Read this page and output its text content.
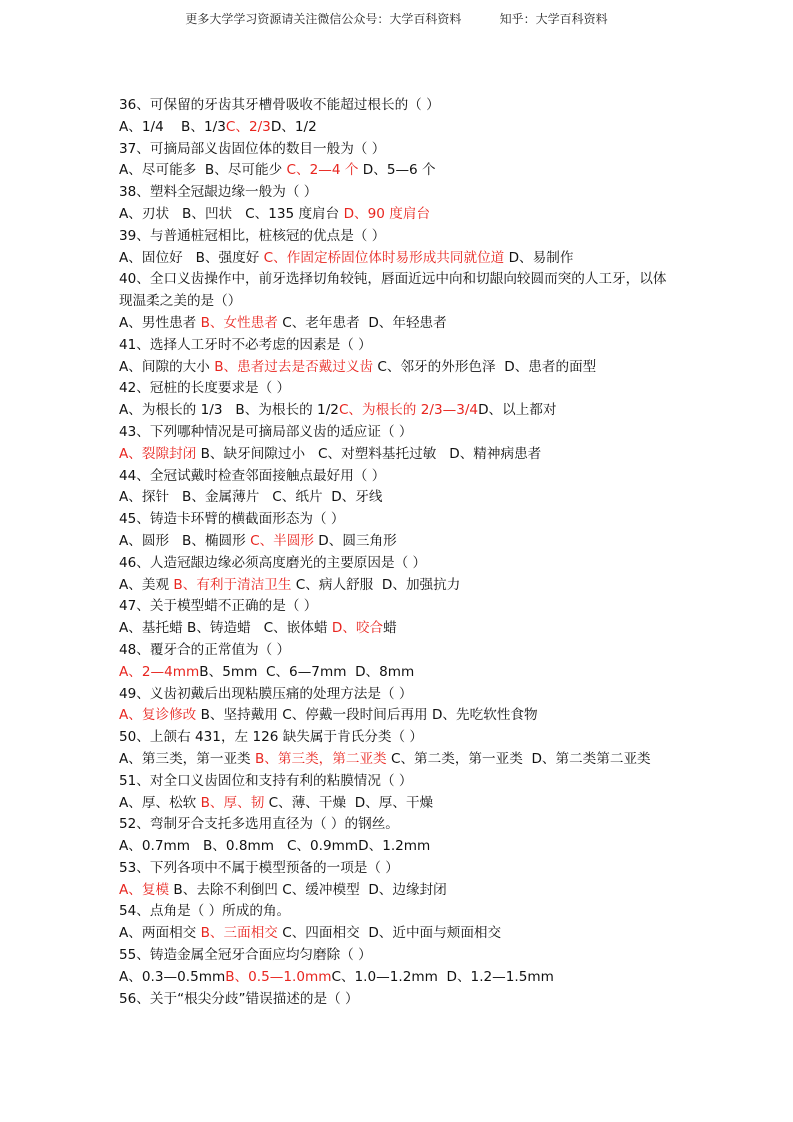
更多大学学习资源请关注微信公众号：大学百科资料          知乎：大学百科资料
36、可保留的牙齿其牙槽骨吸收不能超过根长的（ ）
A、1/4    B、1/3C、2/3D、1/2
37、可摘局部义齿固位体的数目一般为（ ）
A、尽可能多  B、尽可能少 C、2—4 个 D、5—6 个
38、塑料全冠龈边缘一般为（ ）
A、刃状   B、凹状   C、135 度肩台 D、90 度肩台
39、与普通桩冠相比，桩核冠的优点是（ ）
A、固位好   B、强度好 C、作固定桥固位体时易形成共同就位道 D、易制作
40、全口义齿操作中，前牙选择切角较钝，唇面近远中向和切龈向较圆而突的人工牙，以体现温柔之美的是（）
A、男性患者 B、女性患者 C、老年患者  D、年轻患者
41、选择人工牙时不必考虑的因素是（ ）
A、间隙的大小 B、患者过去是否戴过义齿 C、邻牙的外形色泽  D、患者的面型
42、冠桩的长度要求是（ ）
A、为根长的 1/3   B、为根长的 1/2C、为根长的 2/3—3/4D、以上都对
43、下列哪种情况是可摘局部义齿的适应证（ ）
A、裂隙封闭 B、缺牙间隙过小   C、对塑料基托过敏   D、精神病患者
44、全冠试戴时检查邻面接触点最好用（ ）
A、探针   B、金属薄片   C、纸片  D、牙线
45、铸造卡环臂的横截面形态为（ ）
A、圆形   B、椭圆形 C、半圆形 D、圆三角形
46、人造冠龈边缘必须高度磨光的主要原因是（ ）
A、美观 B、有利于清洁卫生 C、病人舒服  D、加强抗力
47、关于模型蜡不正确的是（ ）
A、基托蜡 B、铸造蜡   C、嵌体蜡 D、咬合蜡
48、覆牙合的正常值为（ ）
A、2—4mmB、5mm  C、6—7mm  D、8mm
49、义齿初戴后出现粘膜压痛的处理方法是（ ）
A、复诊修改 B、坚持戴用 C、停戴一段时间后再用 D、先吃软性食物
50、上颌右 431，左 126 缺失属于肯氏分类（ ）
A、第三类，第一亚类 B、第三类，第二亚类 C、第二类，第一亚类  D、第二类第二亚类
51、对全口义齿固位和支持有利的粘膜情况（ ）
A、厚、松软 B、厚、韧 C、薄、干燥  D、厚、干燥
52、弯制牙合支托多选用直径为（ ）的钢丝。
A、0.7mm   B、0.8mm   C、0.9mmD、1.2mm
53、下列各项中不属于模型预备的一项是（ ）
A、复模 B、去除不利倒凹 C、缓冲模型  D、边缘封闭
54、点角是（ ）所成的角。
A、两面相交 B、三面相交 C、四面相交  D、近中面与颊面相交
55、铸造金属全冠牙合面应均匀磨除（ ）
A、0.3—0.5mmB、0.5—1.0mmC、1.0—1.2mm  D、1.2—1.5mm
56、关于“根尖分歧”错误描述的是（ ）
